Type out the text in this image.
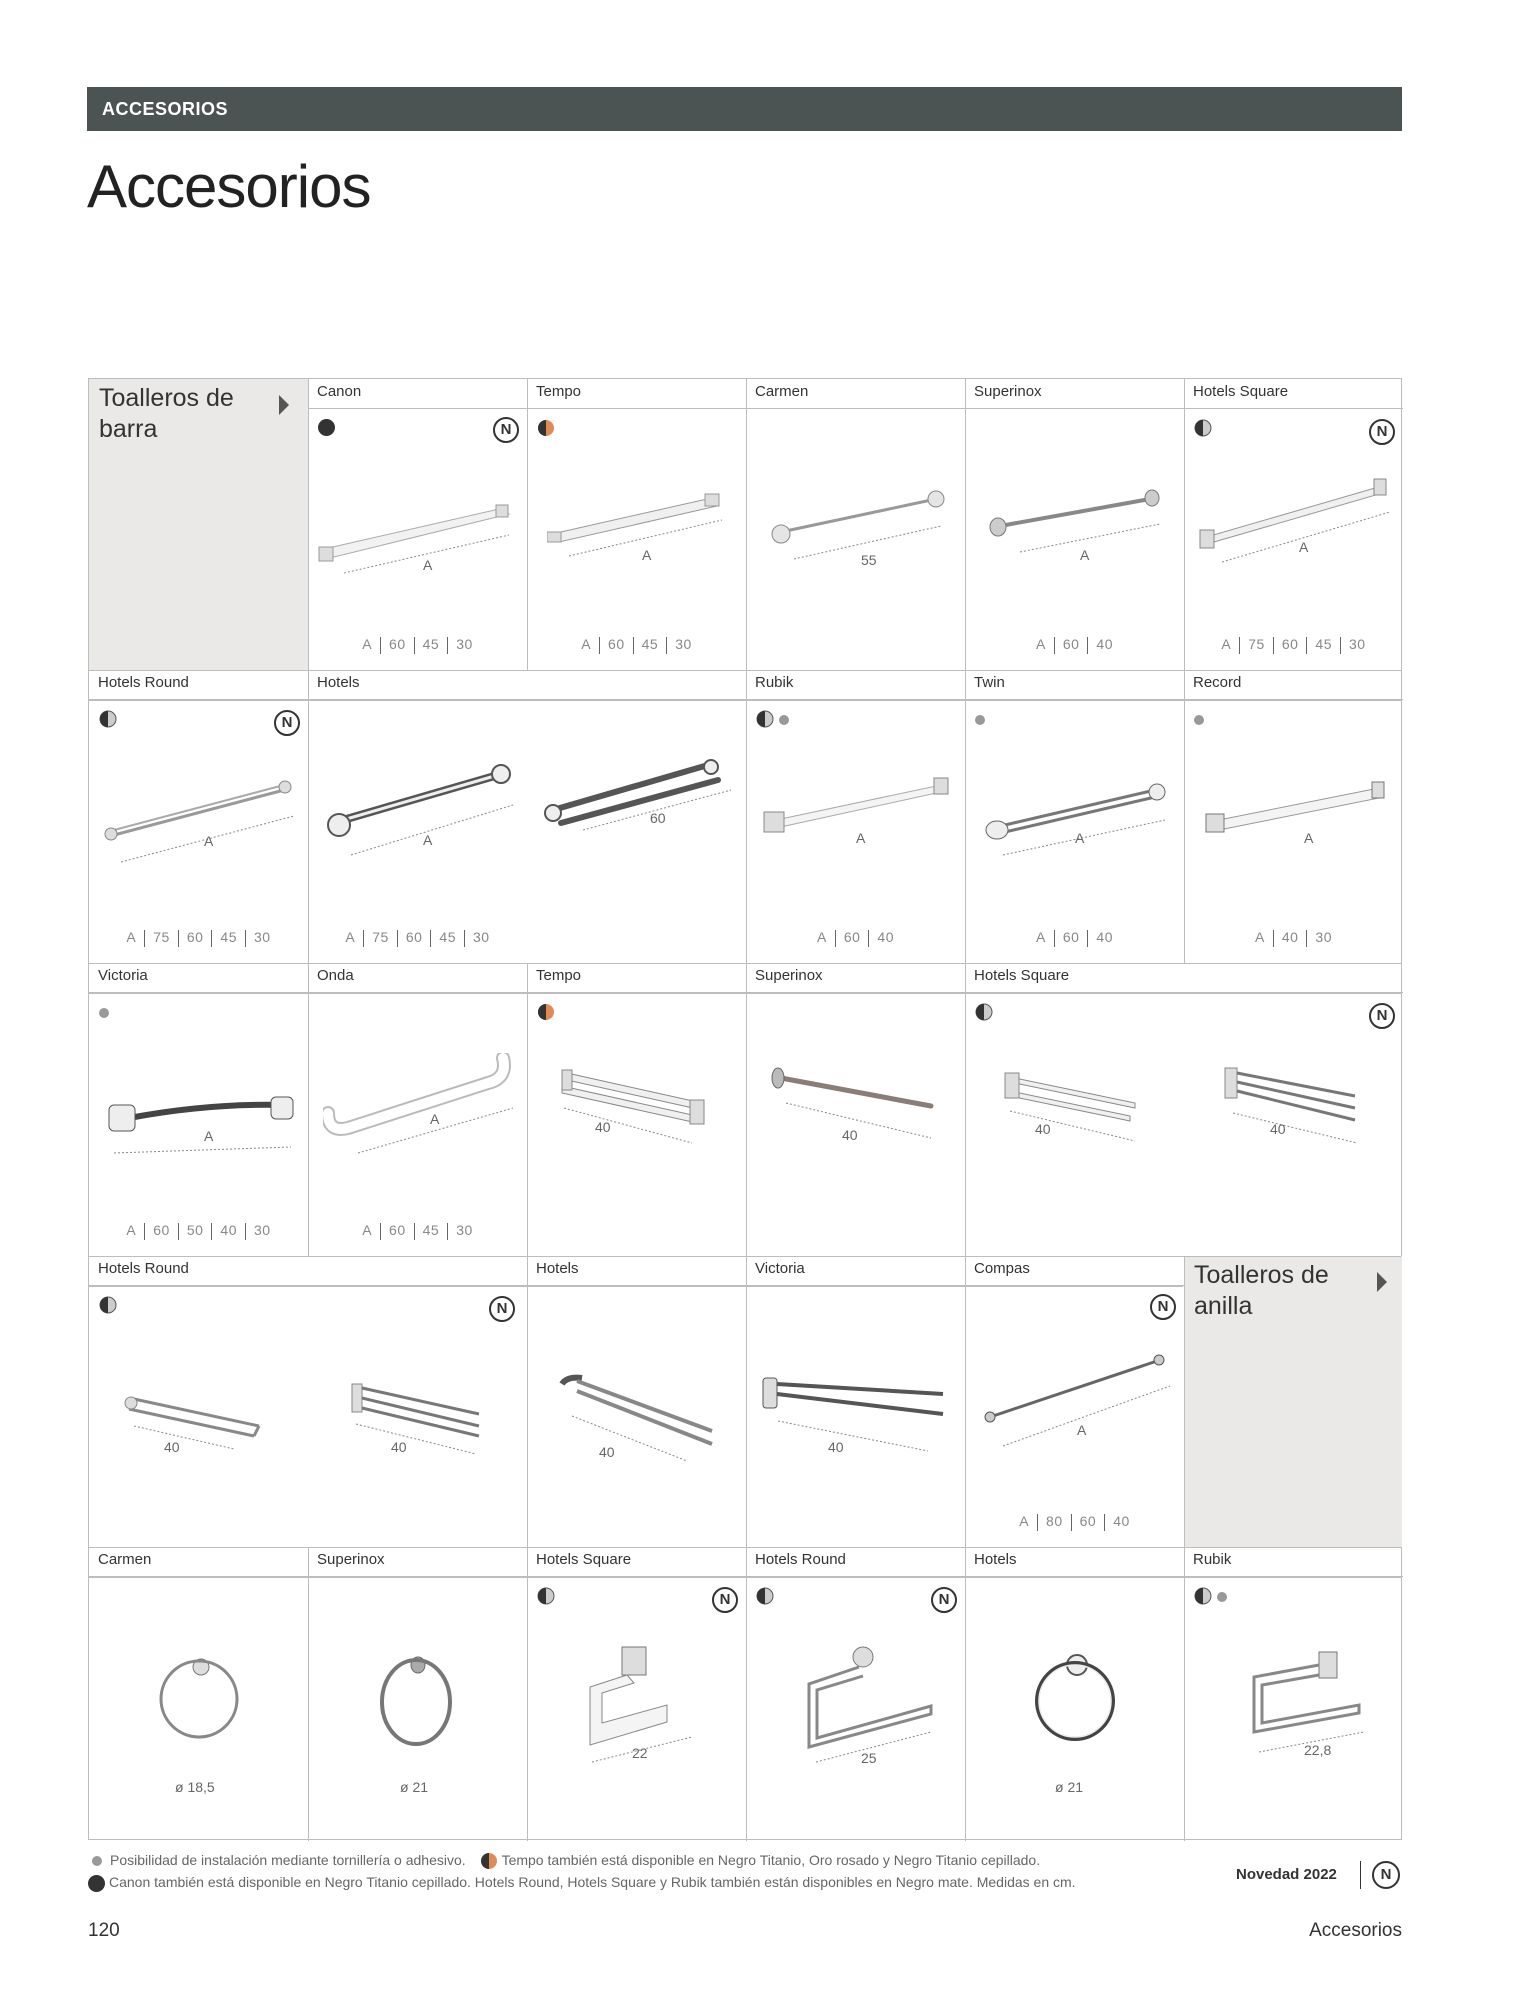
ACCESORIOS
Accesorios
Toalleros de barra
Toalleros de anilla
Canon
N
A
A 60 45 30
Tempo
A
A 60 45 30
Carmen
55
Superinox
A
A 60 40
Hotels Square
N
A
A 75 60 45 30
Hotels Round
N
A
A 75 60 45 30
Hotels
A
60
A 75 60 45 30
Rubik
A
A 60 40
Twin
A
A 60 40
Record
A
A 40 30
Victoria
A
A 60 50 40 30
Onda
A
A 60 45 30
Tempo
40
Superinox
40
Hotels Square
N
40	40
Hotels Round
N
40	40
Hotels
40
Victoria
40
Compas
N
A
A 80 60 40
Carmen
ø 18,5
Superinox
ø 21
Hotels Square
N
22
Hotels Round
N
25
Hotels
ø 21
Rubik
22,8
Posibilidad de instalación mediante tornillería o adhesivo.	Tempo también está disponible en Negro Titanio, Oro rosado y Negro Titanio cepillado.
Canon también está disponible en Negro Titanio cepillado. Hotels Round, Hotels Square y Rubik también están disponibles en Negro mate. Medidas en cm.	Novedad 2022	N
120	Accesorios
